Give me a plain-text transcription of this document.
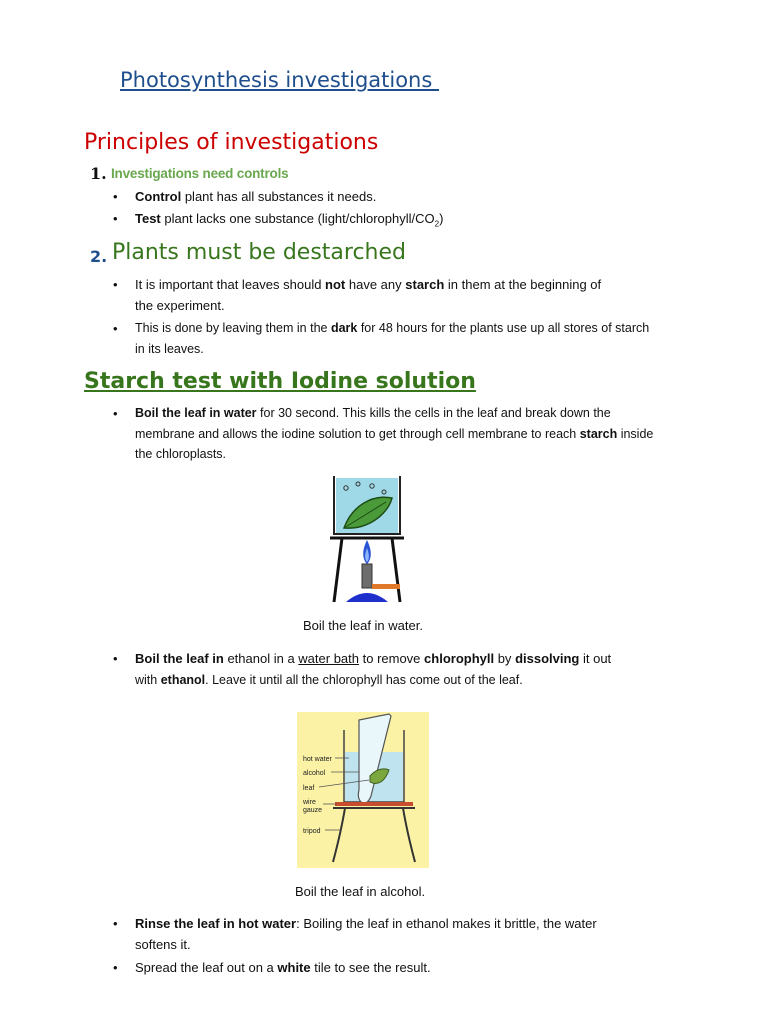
Photosynthesis investigations
Principles of investigations
1. Investigations need controls
• Control plant has all substances it needs.
• Test plant lacks one substance $(light/chlorophyll/CO_2)$
2. Plants must be destarched
• It is important that leaves should not have any starch in them at the beginning of
the experiment.
• This is done by leaving them in the dark for 48 hours for the plants use up all stores of starch
in its leaves.
Starch test with Iodine solution
• Boil the leaf in water for 30 second. This kills the cells in the leaf and break down the
membrane and allows the iodine solution to get through cell membrane to reach starch inside
the chloroplasts.
Boil the leaf in water.
• Boil the leaf in ethanol in a water bath to remove chlorophyll by dissolving it out
with ethanol. Leave it until all the chlorophyll has come out of the leaf.
hot water
alcohol
leaf
wire
gauze
tripod
Boil the leaf in alcohol.
• Rinse the leaf in hot water: Boiling the leaf in ethanol makes it brittle, the water
softens it.
• Spread the leaf out on a white tile to see the result.
